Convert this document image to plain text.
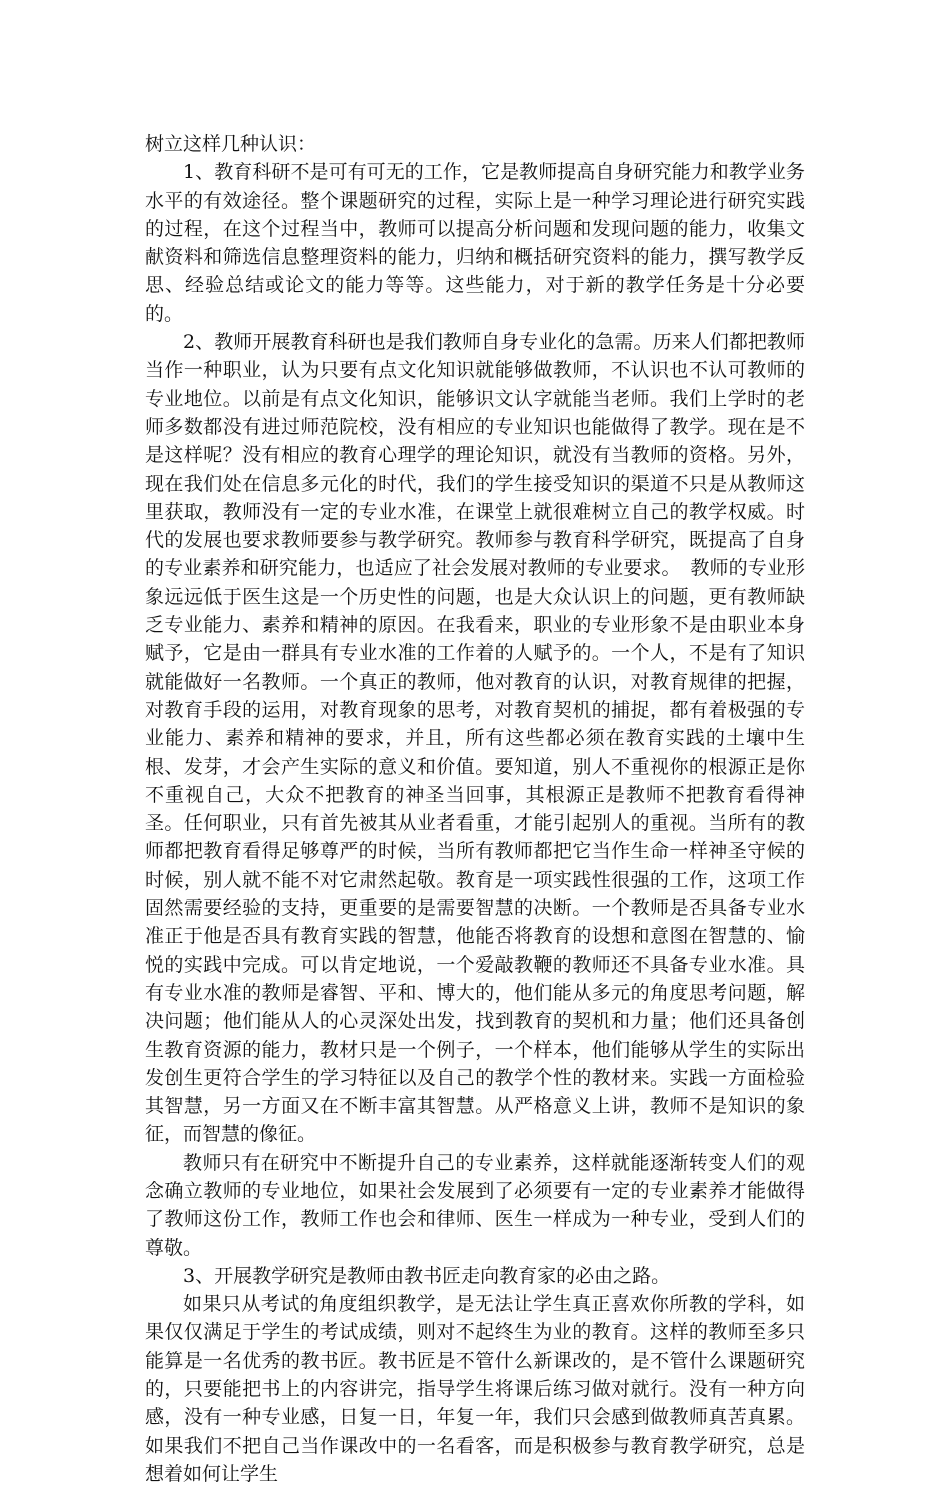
树立这样几种认识：

1、教育科研不是可有可无的工作，它是教师提高自身研究能力和教学业务水平的有效途径。整个课题研究的过程，实际上是一种学习理论进行研究实践的过程，在这个过程当中，教师可以提高分析问题和发现问题的能力，收集文献资料和筛选信息整理资料的能力，归纳和概括研究资料的能力，撰写教学反思、经验总结或论文的能力等等。这些能力，对于新的教学任务是十分必要的。

2、教师开展教育科研也是我们教师自身专业化的急需。历来人们都把教师当作一种职业，认为只要有点文化知识就能够做教师，不认识也不认可教师的专业地位。以前是有点文化知识，能够识文认字就能当老师。我们上学时的老师多数都没有进过师范院校，没有相应的专业知识也能做得了教学。现在是不是这样呢？没有相应的教育心理学的理论知识，就没有当教师的资格。另外，现在我们处在信息多元化的时代，我们的学生接受知识的渠道不只是从教师这里获取，教师没有一定的专业水准，在课堂上就很难树立自己的教学权威。时代的发展也要求教师要参与教学研究。教师参与教育科学研究，既提高了自身的专业素养和研究能力，也适应了社会发展对教师的专业要求。　教师的专业形象远远低于医生这是一个历史性的问题，也是大众认识上的问题，更有教师缺乏专业能力、素养和精神的原因。在我看来，职业的专业形象不是由职业本身赋予，它是由一群具有专业水准的工作着的人赋予的。一个人，不是有了知识就能做好一名教师。一个真正的教师，他对教育的认识，对教育规律的把握，对教育手段的运用，对教育现象的思考，对教育契机的捕捉，都有着极强的专业能力、素养和精神的要求，并且，所有这些都必须在教育实践的土壤中生根、发芽，才会产生实际的意义和价值。要知道，别人不重视你的根源正是你不重视自己，大众不把教育的神圣当回事，其根源正是教师不把教育看得神圣。任何职业，只有首先被其从业者看重，才能引起别人的重视。当所有的教师都把教育看得足够尊严的时候，当所有教师都把它当作生命一样神圣守候的时候，别人就不能不对它肃然起敬。教育是一项实践性很强的工作，这项工作固然需要经验的支持，更重要的是需要智慧的决断。一个教师是否具备专业水准正于他是否具有教育实践的智慧，他能否将教育的设想和意图在智慧的、愉悦的实践中完成。可以肯定地说，一个爱敲教鞭的教师还不具备专业水准。具有专业水准的教师是睿智、平和、博大的，他们能从多元的角度思考问题，解决问题；他们能从人的心灵深处出发，找到教育的契机和力量；他们还具备创生教育资源的能力，教材只是一个例子，一个样本，他们能够从学生的实际出发创生更符合学生的学习特征以及自己的教学个性的教材来。实践一方面检验其智慧，另一方面又在不断丰富其智慧。从严格意义上讲，教师不是知识的象征，而智慧的像征。

教师只有在研究中不断提升自己的专业素养，这样就能逐渐转变人们的观念确立教师的专业地位，如果社会发展到了必须要有一定的专业素养才能做得了教师这份工作，教师工作也会和律师、医生一样成为一种专业，受到人们的尊敬。

3、开展教学研究是教师由教书匠走向教育家的必由之路。

如果只从考试的角度组织教学，是无法让学生真正喜欢你所教的学科，如果仅仅满足于学生的考试成绩，则对不起终生为业的教育。这样的教师至多只能算是一名优秀的教书匠。教书匠是不管什么新课改的，是不管什么课题研究的，只要能把书上的内容讲完，指导学生将课后练习做对就行。没有一种方向感，没有一种专业感，日复一日，年复一年，我们只会感到做教师真苦真累。如果我们不把自己当作课改中的一名看客，而是积极参与教育教学研究，总是想着如何让学生
